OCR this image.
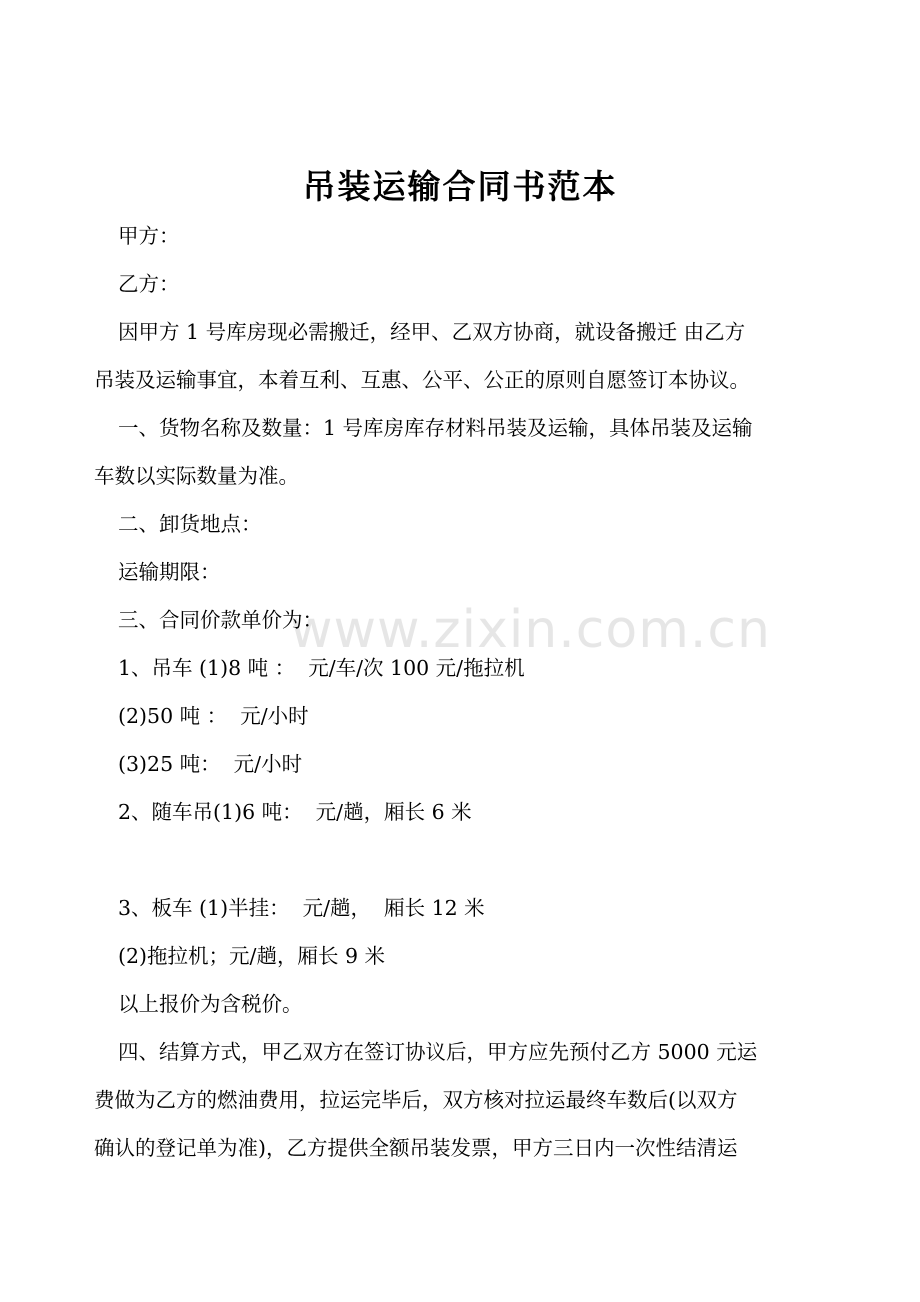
www.zixin.com.cn
吊装运输合同书范本

甲方：

乙方：

因甲方 1 号库房现必需搬迁，经甲、乙双方协商，就设备搬迁 由乙方

吊装及运输事宜，本着互利、互惠、公平、公正的原则自愿签订本协议。

一、货物名称及数量：1 号库房库存材料吊装及运输，具体吊装及运输

车数以实际数量为准。

二、卸货地点：

运输期限：

三、合同价款单价为：

1、吊车 (1)8 吨 ：  元/车/次 100 元/拖拉机

(2)50 吨 ：  元/小时

(3)25 吨：  元/小时

2、随车吊(1)6 吨：  元/趟，厢长 6 米

3、板车 (1)半挂：  元/趟，  厢长 12 米

(2)拖拉机；元/趟，厢长 9 米

以上报价为含税价。

四、结算方式，甲乙双方在签订协议后，甲方应先预付乙方 5000 元运

费做为乙方的燃油费用，拉运完毕后，双方核对拉运最终车数后(以双方

确认的登记单为准)，乙方提供全额吊装发票，甲方三日内一次性结清运
